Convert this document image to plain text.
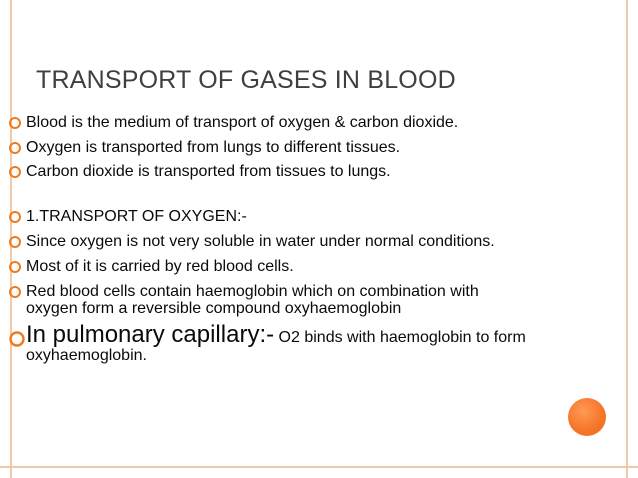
TRANSPORT OF GASES IN BLOOD
Blood is the medium of transport of oxygen & carbon dioxide.
Oxygen is transported from lungs to different tissues.
Carbon dioxide is transported from tissues to lungs.
1.TRANSPORT OF OXYGEN:-
Since oxygen is not very soluble in water under normal conditions.
Most of it is carried by red blood cells.
Red blood cells contain haemoglobin which on combination with
oxygen form a reversible compound oxyhaemoglobin
In pulmonary capillary:- O2 binds with haemoglobin to form
oxyhaemoglobin.
